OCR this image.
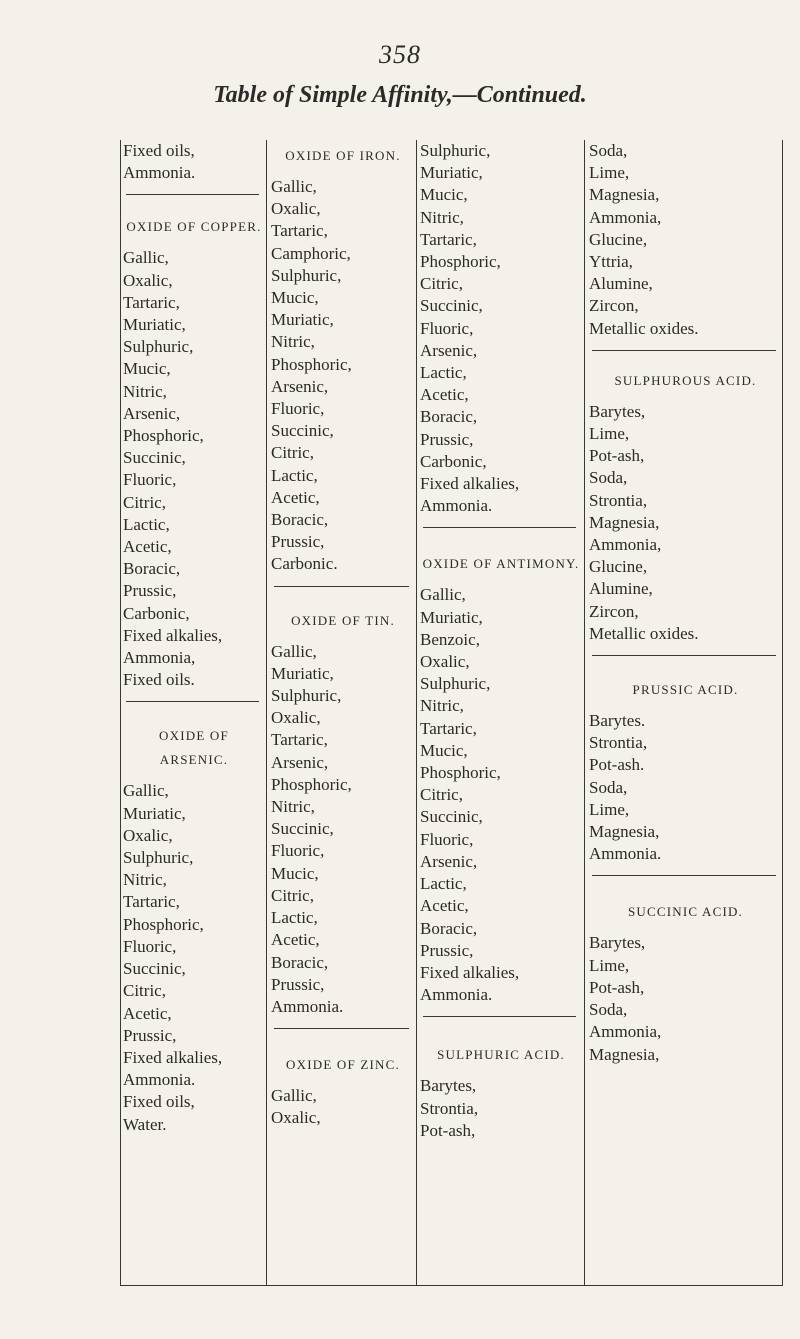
358
Table of Simple Affinity,—Continued.
Fixed oils,
Ammonia.
OXIDE OF COPPER.
Gallic,
Oxalic,
Tartaric,
Muriatic,
Sulphuric,
Mucic,
Nitric,
Arsenic,
Phosphoric,
Succinic,
Fluoric,
Citric,
Lactic,
Acetic,
Boracic,
Prussic,
Carbonic,
Fixed alkalies,
Ammonia,
Fixed oils.
OXIDE OF ARSENIC.
Gallic,
Muriatic,
Oxalic,
Sulphuric,
Nitric,
Tartaric,
Phosphoric,
Fluoric,
Succinic,
Citric,
Acetic,
Prussic,
Fixed alkalies,
Ammonia.
Fixed oils,
Water.
OXIDE OF IRON.
Gallic,
Oxalic,
Tartaric,
Camphoric,
Sulphuric,
Mucic,
Muriatic,
Nitric,
Phosphoric,
Arsenic,
Fluoric,
Succinic,
Citric,
Lactic,
Acetic,
Boracic,
Prussic,
Carbonic.
OXIDE OF TIN.
Gallic,
Muriatic,
Sulphuric,
Oxalic,
Tartaric,
Arsenic,
Phosphoric,
Nitric,
Succinic,
Fluoric,
Mucic,
Citric,
Lactic,
Acetic,
Boracic,
Prussic,
Ammonia.
OXIDE OF ZINC.
Gallic,
Oxalic,
Sulphuric,
Muriatic,
Mucic,
Nitric,
Tartaric,
Phosphoric,
Citric,
Succinic,
Fluoric,
Arsenic,
Lactic,
Acetic,
Boracic,
Prussic,
Carbonic,
Fixed alkalies,
Ammonia.
OXIDE OF ANTIMONY.
Gallic,
Muriatic,
Benzoic,
Oxalic,
Sulphuric,
Nitric,
Tartaric,
Mucic,
Phosphoric,
Citric,
Succinic,
Fluoric,
Arsenic,
Lactic,
Acetic,
Boracic,
Prussic,
Fixed alkalies,
Ammonia.
SULPHURIC ACID.
Barytes,
Strontia,
Pot-ash,
Soda,
Lime,
Magnesia,
Ammonia,
Glucine,
Yttria,
Alumine,
Zircon,
Metallic oxides.
SULPHUROUS ACID.
Barytes,
Lime,
Pot-ash,
Soda,
Strontia,
Magnesia,
Ammonia,
Glucine,
Alumine,
Zircon,
Metallic oxides.
PRUSSIC ACID.
Barytes.
Strontia,
Pot-ash.
Soda,
Lime,
Magnesia,
Ammonia.
SUCCINIC ACID.
Barytes,
Lime,
Pot-ash,
Soda,
Ammonia,
Magnesia,
